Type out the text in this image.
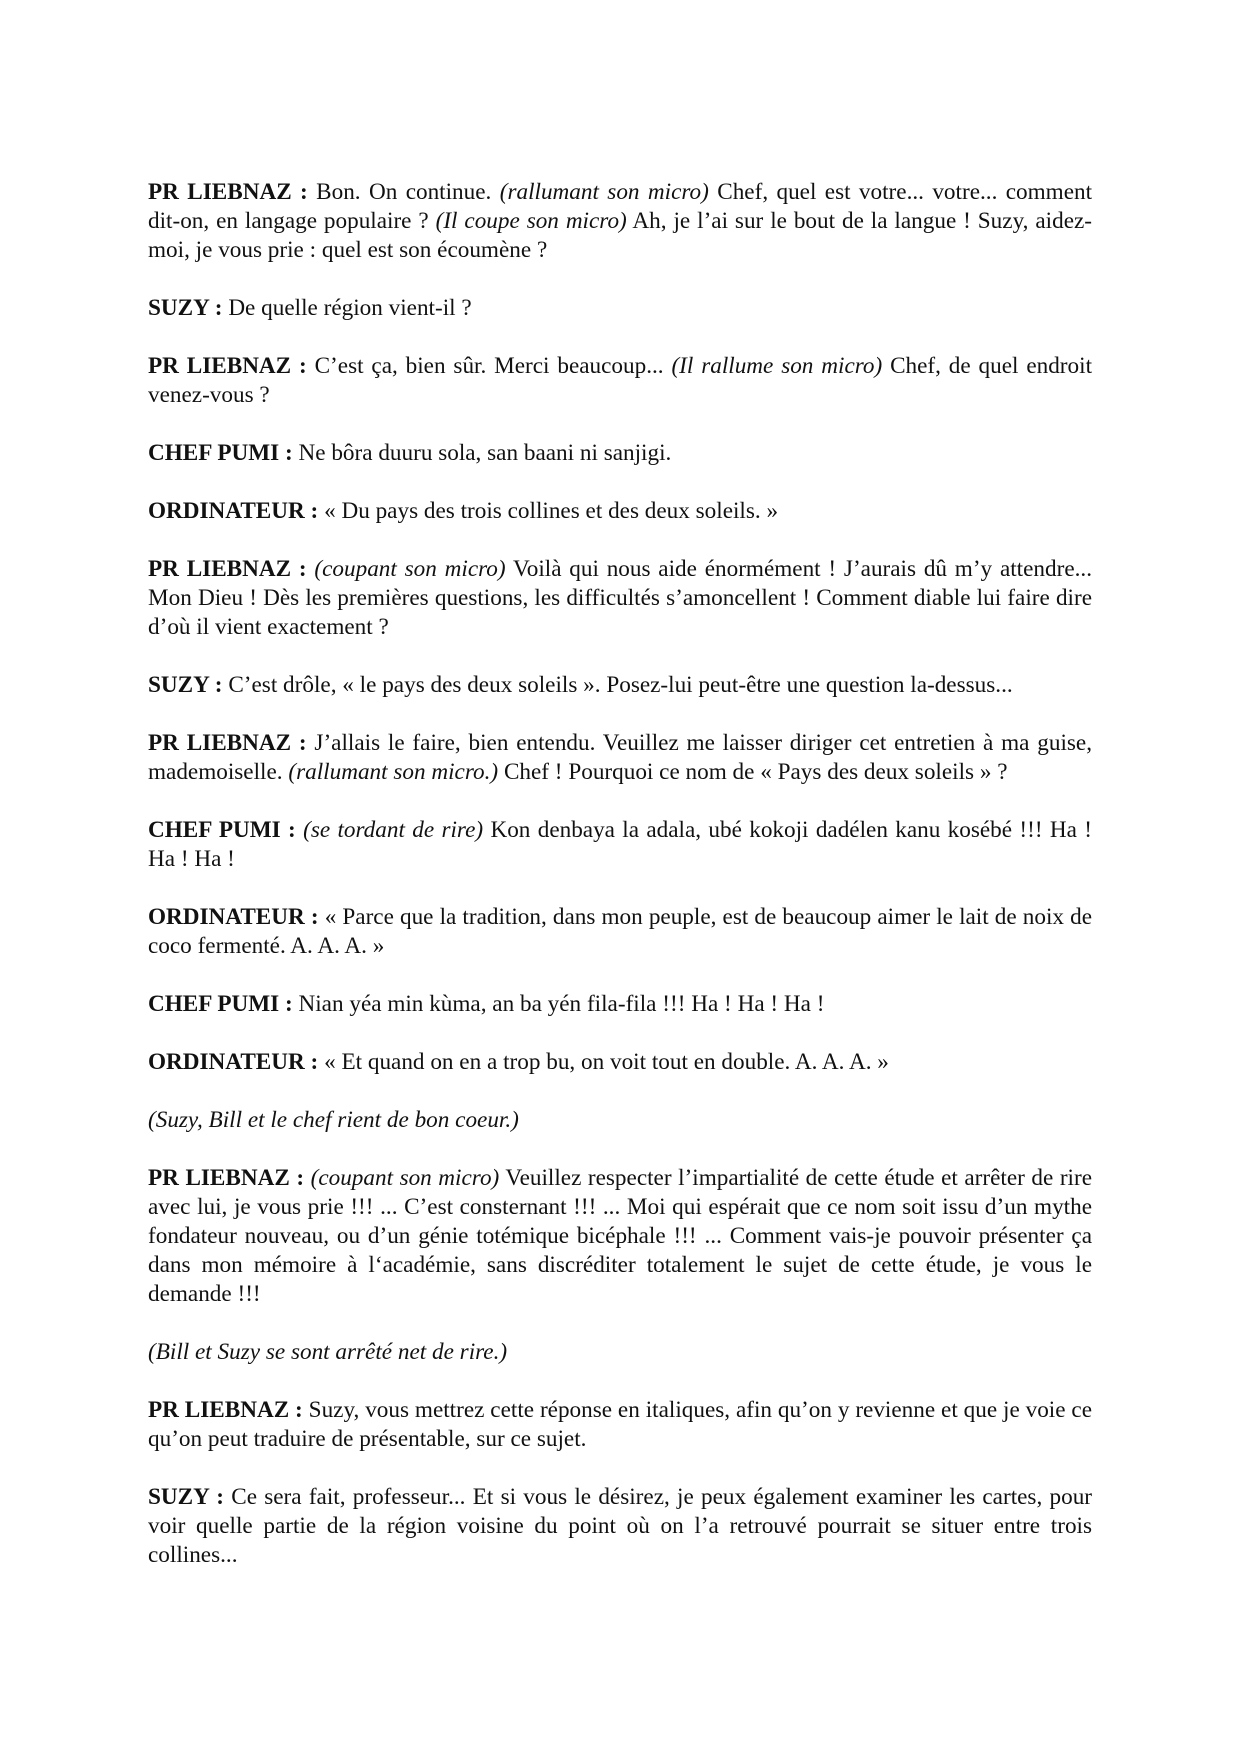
PR LIEBNAZ : Bon. On continue. (rallumant son micro) Chef, quel est votre... votre... comment dit-on, en langage populaire ? (Il coupe son micro) Ah, je l’ai sur le bout de la langue ! Suzy, aidez-moi, je vous prie : quel est son écoumène ?

SUZY : De quelle région vient-il ?

PR LIEBNAZ : C’est ça, bien sûr. Merci beaucoup... (Il rallume son micro) Chef, de quel endroit venez-vous ?

CHEF PUMI : Ne bôra duuru sola, san baani ni sanjigi.

ORDINATEUR : « Du pays des trois collines et des deux soleils. »

PR LIEBNAZ : (coupant son micro) Voilà qui nous aide énormément ! J’aurais dû m’y attendre... Mon Dieu ! Dès les premières questions, les difficultés s’amoncellent ! Comment diable lui faire dire d’où il vient exactement ?

SUZY : C’est drôle, « le pays des deux soleils ». Posez-lui peut-être une question la-dessus...

PR LIEBNAZ : J’allais le faire, bien entendu. Veuillez me laisser diriger cet entretien à ma guise, mademoiselle. (rallumant son micro.) Chef ! Pourquoi ce nom de « Pays des deux soleils » ?

CHEF PUMI : (se tordant de rire) Kon denbaya la adala, ubé kokoji dadélen kanu kosébé !!! Ha ! Ha ! Ha !

ORDINATEUR : « Parce que la tradition, dans mon peuple, est de beaucoup aimer le lait de noix de coco fermenté. A. A. A. »

CHEF PUMI : Nian yéa min kùma, an ba yén fila-fila !!! Ha ! Ha ! Ha !

ORDINATEUR : « Et quand on en a trop bu, on voit tout en double. A. A. A. »

(Suzy, Bill et le chef rient de bon coeur.)

PR LIEBNAZ : (coupant son micro) Veuillez respecter l’impartialité de cette étude et arrêter de rire avec lui, je vous prie !!! ... C’est consternant !!! ... Moi qui espérait que ce nom soit issu d’un mythe fondateur nouveau, ou d’un génie totémique bicéphale !!! ... Comment vais-je pouvoir présenter ça dans mon mémoire à l‘académie, sans discréditer totalement le sujet de cette étude, je vous le demande !!!

(Bill et Suzy se sont arrêté net de rire.)

PR LIEBNAZ : Suzy, vous mettrez cette réponse en italiques, afin qu’on y revienne et que je voie ce qu’on peut traduire de présentable, sur ce sujet.

SUZY : Ce sera fait, professeur... Et si vous le désirez, je peux également examiner les cartes, pour voir quelle partie de la région voisine du point où on l’a retrouvé pourrait se situer entre trois collines...
